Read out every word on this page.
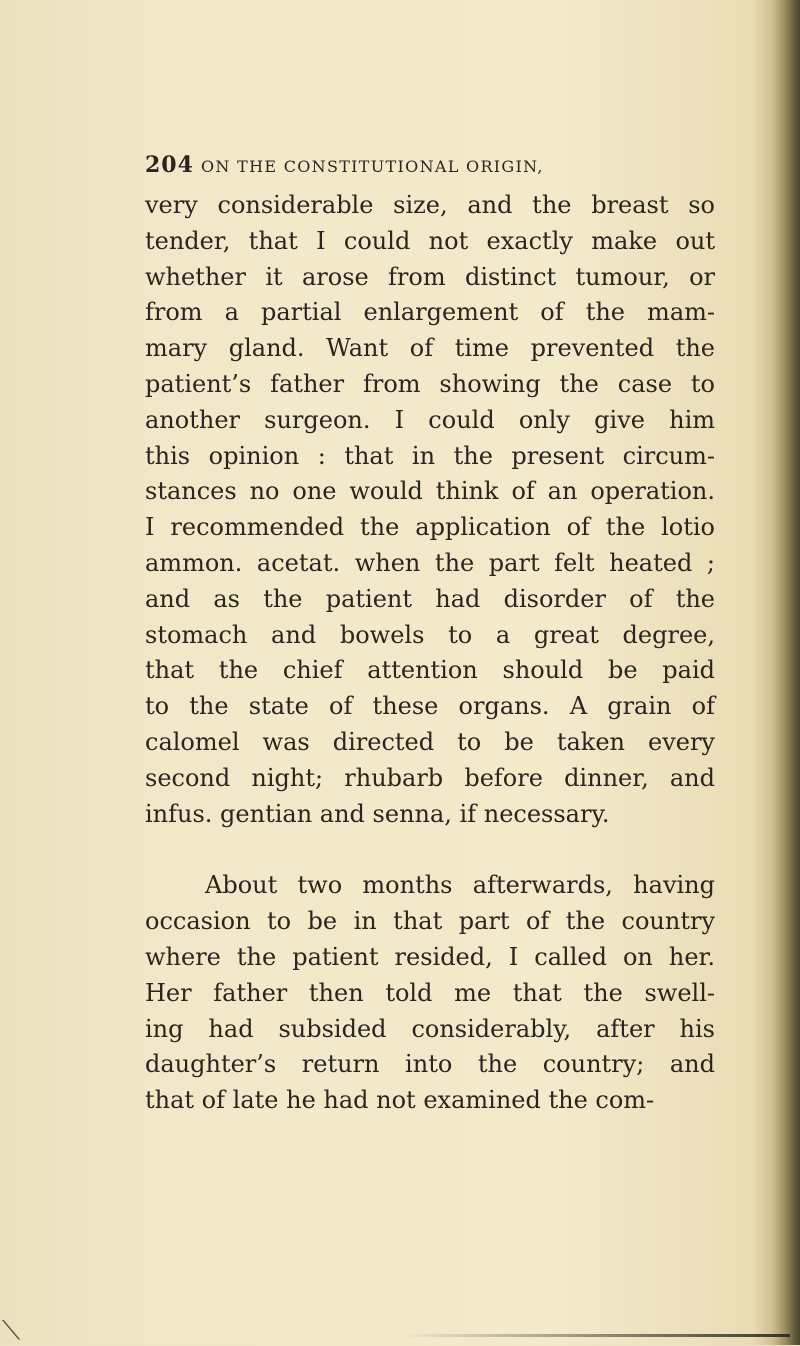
⟍
204 ON THE CONSTITUTIONAL ORIGIN,
very considerable size, and the breast so
tender, that I could not exactly make out
whether it arose from distinct tumour, or
from a partial enlargement of the mam-
mary gland. Want of time prevented the
patient’s father from showing the case to
another surgeon. I could only give him
this opinion : that in the present circum-
stances no one would think of an operation.
I recommended the application of the lotio
ammon. acetat. when the part felt heated ;
and as the patient had disorder of the
stomach and bowels to a great degree,
that the chief attention should be paid
to the state of these organs. A grain of
calomel was directed to be taken every
second night; rhubarb before dinner, and
infus. gentian and senna, if necessary.
About two months afterwards, having
occasion to be in that part of the country
where the patient resided, I called on her.
Her father then told me that the swell-
ing had subsided considerably, after his
daughter’s return into the country; and
that of late he had not examined the com-
